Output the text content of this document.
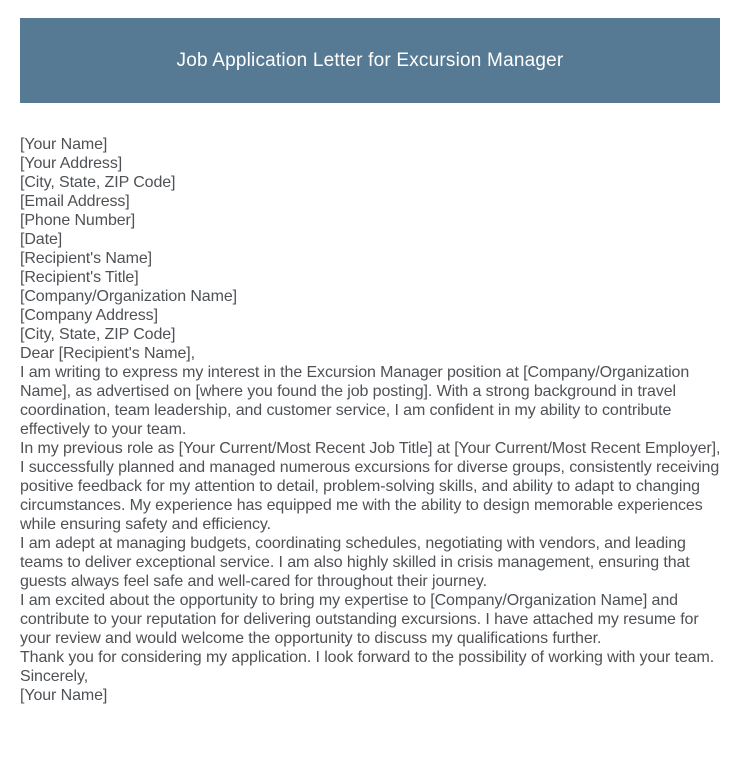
Job Application Letter for Excursion Manager
[Your Name]
[Your Address]
[City, State, ZIP Code]
[Email Address]
[Phone Number]
[Date]
[Recipient's Name]
[Recipient's Title]
[Company/Organization Name]
[Company Address]
[City, State, ZIP Code]
Dear [Recipient's Name],

I am writing to express my interest in the Excursion Manager position at [Company/Organization Name], as advertised on [where you found the job posting]. With a strong background in travel coordination, team leadership, and customer service, I am confident in my ability to contribute effectively to your team.

In my previous role as [Your Current/Most Recent Job Title] at [Your Current/Most Recent Employer], I successfully planned and managed numerous excursions for diverse groups, consistently receiving positive feedback for my attention to detail, problem-solving skills, and ability to adapt to changing circumstances. My experience has equipped me with the ability to design memorable experiences while ensuring safety and efficiency.

I am adept at managing budgets, coordinating schedules, negotiating with vendors, and leading teams to deliver exceptional service. I am also highly skilled in crisis management, ensuring that guests always feel safe and well-cared for throughout their journey.

I am excited about the opportunity to bring my expertise to [Company/Organization Name] and contribute to your reputation for delivering outstanding excursions. I have attached my resume for your review and would welcome the opportunity to discuss my qualifications further.

Thank you for considering my application. I look forward to the possibility of working with your team.

Sincerely,
[Your Name]
